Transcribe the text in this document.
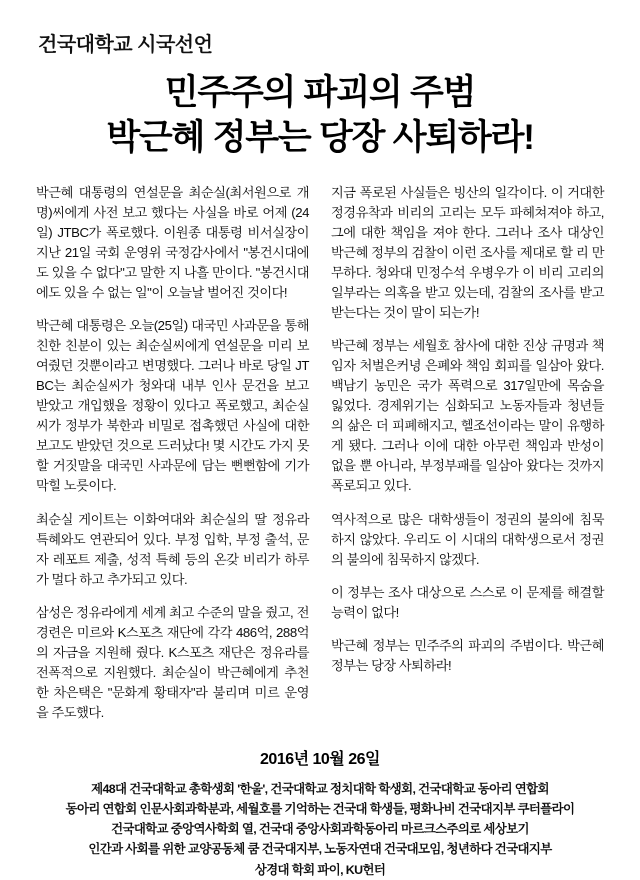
건국대학교 시국선언
민주주의 파괴의 주범
박근혜 정부는 당장 사퇴하라!

박근혜 대통령의 연설문을 최순실(최서원으로 개명)씨에게 사전 보고 했다는 사실을 바로 어제 (24일) JTBC가 폭로했다. 이원종 대통령 비서실장이 지난 21일 국회 운영위 국정감사에서 "봉건시대에도 있을 수 없다"고 말한 지 나흘 만이다. "봉건시대에도 있을 수 없는 일"이 오늘날 벌어진 것이다!

박근혜 대통령은 오늘(25일) 대국민 사과문을 통해 친한 친분이 있는 최순실씨에게 연설문을 미리 보여줬던 것뿐이라고 변명했다. 그러나 바로 당일 JTBC는 최순실씨가 청와대 내부 인사 문건을 보고 받았고 개입했을 정황이 있다고 폭로했고, 최순실씨가 정부가 북한과 비밀로 접촉했던 사실에 대한 보고도 받았던 것으로 드러났다! 몇 시간도 가지 못할 거짓말을 대국민 사과문에 담는 뻔뻔함에 기가 막힐 노릇이다.

최순실 게이트는 이화여대와 최순실의 딸 정유라 특혜와도 연관되어 있다. 부정 입학, 부정 출석, 문자 레포트 제출, 성적 특혜 등의 온갖 비리가 하루가 멀다 하고 추가되고 있다.

삼성은 정유라에게 세계 최고 수준의 말을 줬고, 전경련은 미르와 K스포츠 재단에 각각 486억, 288억의 자금을 지원해 줬다. K스포츠 재단은 정유라를 전폭적으로 지원했다. 최순실이 박근혜에게 추천한 차은택은 "문화계 황태자"라 불리며 미르 운영을 주도했다.

지금 폭로된 사실들은 빙산의 일각이다. 이 거대한 정경유착과 비리의 고리는 모두 파헤쳐져야 하고, 그에 대한 책임을 져야 한다. 그러나 조사 대상인 박근혜 정부의 검찰이 이런 조사를 제대로 할 리 만무하다. 청와대 민정수석 우병우가 이 비리 고리의 일부라는 의혹을 받고 있는데, 검찰의 조사를 받고 받는다는 것이 말이 되는가!

박근혜 정부는 세월호 참사에 대한 진상 규명과 책임자 처벌은커녕 은폐와 책임 회피를 일삼아 왔다. 백남기 농민은 국가 폭력으로 317일만에 목숨을 잃었다. 경제위기는 심화되고 노동자들과 청년들의 삶은 더 피폐해지고, 헬조선이라는 말이 유행하게 됐다. 그러나 이에 대한 아무런 책임과 반성이 없을 뿐 아니라, 부정부패를 일삼아 왔다는 것까지 폭로되고 있다.

역사적으로 많은 대학생들이 정권의 불의에 침묵하지 않았다. 우리도 이 시대의 대학생으로서 정권의 불의에 침묵하지 않겠다.

이 정부는 조사 대상으로 스스로 이 문제를 해결할 능력이 없다!

박근혜 정부는 민주주의 파괴의 주범이다. 박근혜 정부는 당장 사퇴하라!

2016년 10월 26일
제48대 건국대학교 총학생회 '한울', 건국대학교 정치대학 학생회, 건국대학교 동아리 연합회
동아리 연합회 인문사회과학분과, 세월호를 기억하는 건국대 학생들, 평화나비 건국대지부 쿠터플라이
건국대학교 중앙역사학회 열, 건국대 중앙사회과학동아리 마르크스주의로 세상보기
인간과 사회를 위한 교양공동체 쿰 건국대지부, 노동자연대 건국대모임, 청년하다 건국대지부
상경대 학회 파이, KU헌터
